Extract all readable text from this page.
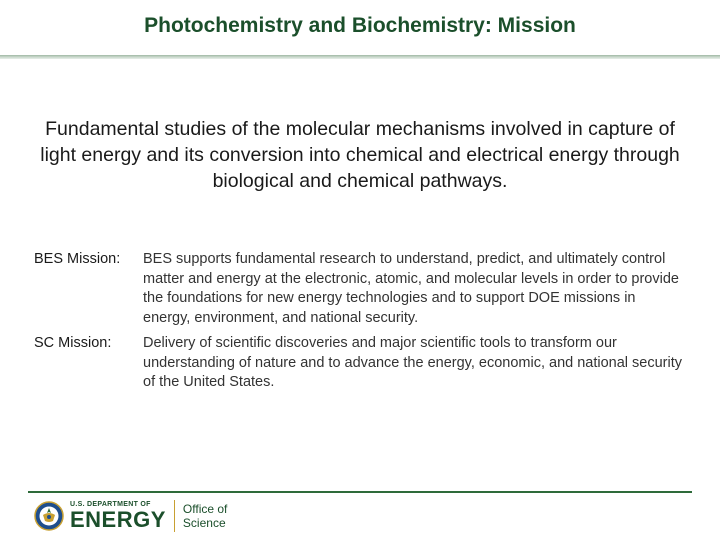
Photochemistry and Biochemistry: Mission
Fundamental studies of the molecular mechanisms involved in capture of light energy and its conversion into chemical and electrical energy through biological and chemical pathways.
BES Mission:	BES supports fundamental research to understand, predict, and ultimately control matter and energy at the electronic, atomic, and molecular levels in order to provide the foundations for new energy technologies and to support DOE missions in energy, environment, and national security.
SC Mission:	Delivery of scientific discoveries and major scientific tools to transform our understanding of nature and to advance the energy, economic, and national security of the United States.
U.S. DEPARTMENT OF
ENERGY Office of
Science
